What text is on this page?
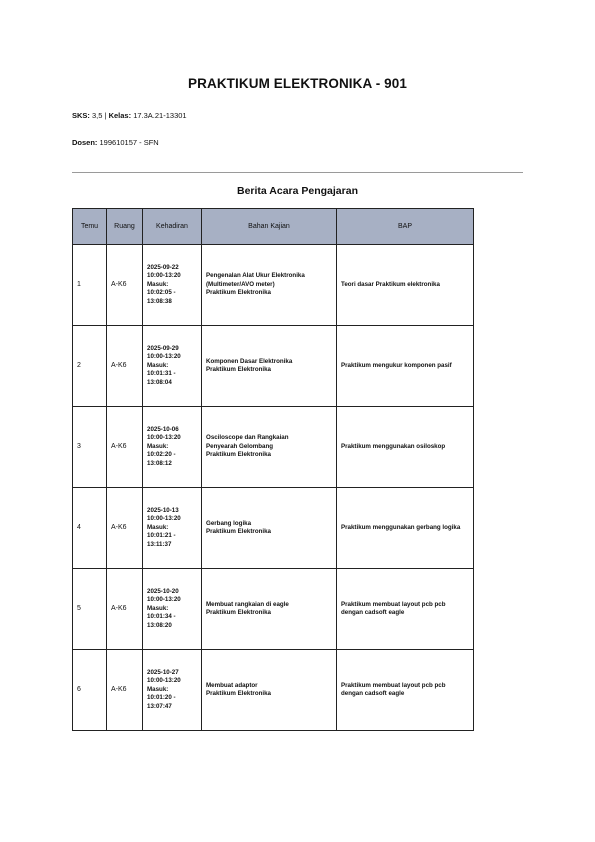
PRAKTIKUM ELEKTRONIKA - 901
SKS: 3,5 | Kelas: 17.3A.21-13301
Dosen: 199610157 - SFN
Berita Acara Pengajaran
Temu	Ruang	Kehadiran	Bahan Kajian	BAP

1	A-K6	2025-09-22
10:00-13:20
Masuk:
10:02:05 -
13:08:38	Pengenalan Alat Ukur Elektronika
(Multimeter/AVO meter)
Praktikum Elektronika	Teori dasar Praktikum elektronika

2	A-K6	2025-09-29
10:00-13:20
Masuk:
10:01:31 -
13:08:04	Komponen Dasar Elektronika
Praktikum Elektronika	Praktikum mengukur komponen pasif

3	A-K6	2025-10-06
10:00-13:20
Masuk:
10:02:20 -
13:08:12	Osciloscope dan Rangkaian
Penyearah Gelombang
Praktikum Elektronika	Praktikum menggunakan osiloskop

4	A-K6	2025-10-13
10:00-13:20
Masuk:
10:01:21 -
13:11:37	Gerbang logika
Praktikum Elektronika	Praktikum menggunakan gerbang logika

5	A-K6	2025-10-20
10:00-13:20
Masuk:
10:01:34 -
13:08:20	Membuat rangkaian di eagle
Praktikum Elektronika	Praktikum membuat layout pcb pcb dengan cadsoft eagle

6	A-K6	2025-10-27
10:00-13:20
Masuk:
10:01:20 -
13:07:47	Membuat adaptor
Praktikum Elektronika	Praktikum membuat layout pcb pcb dengan cadsoft eagle
